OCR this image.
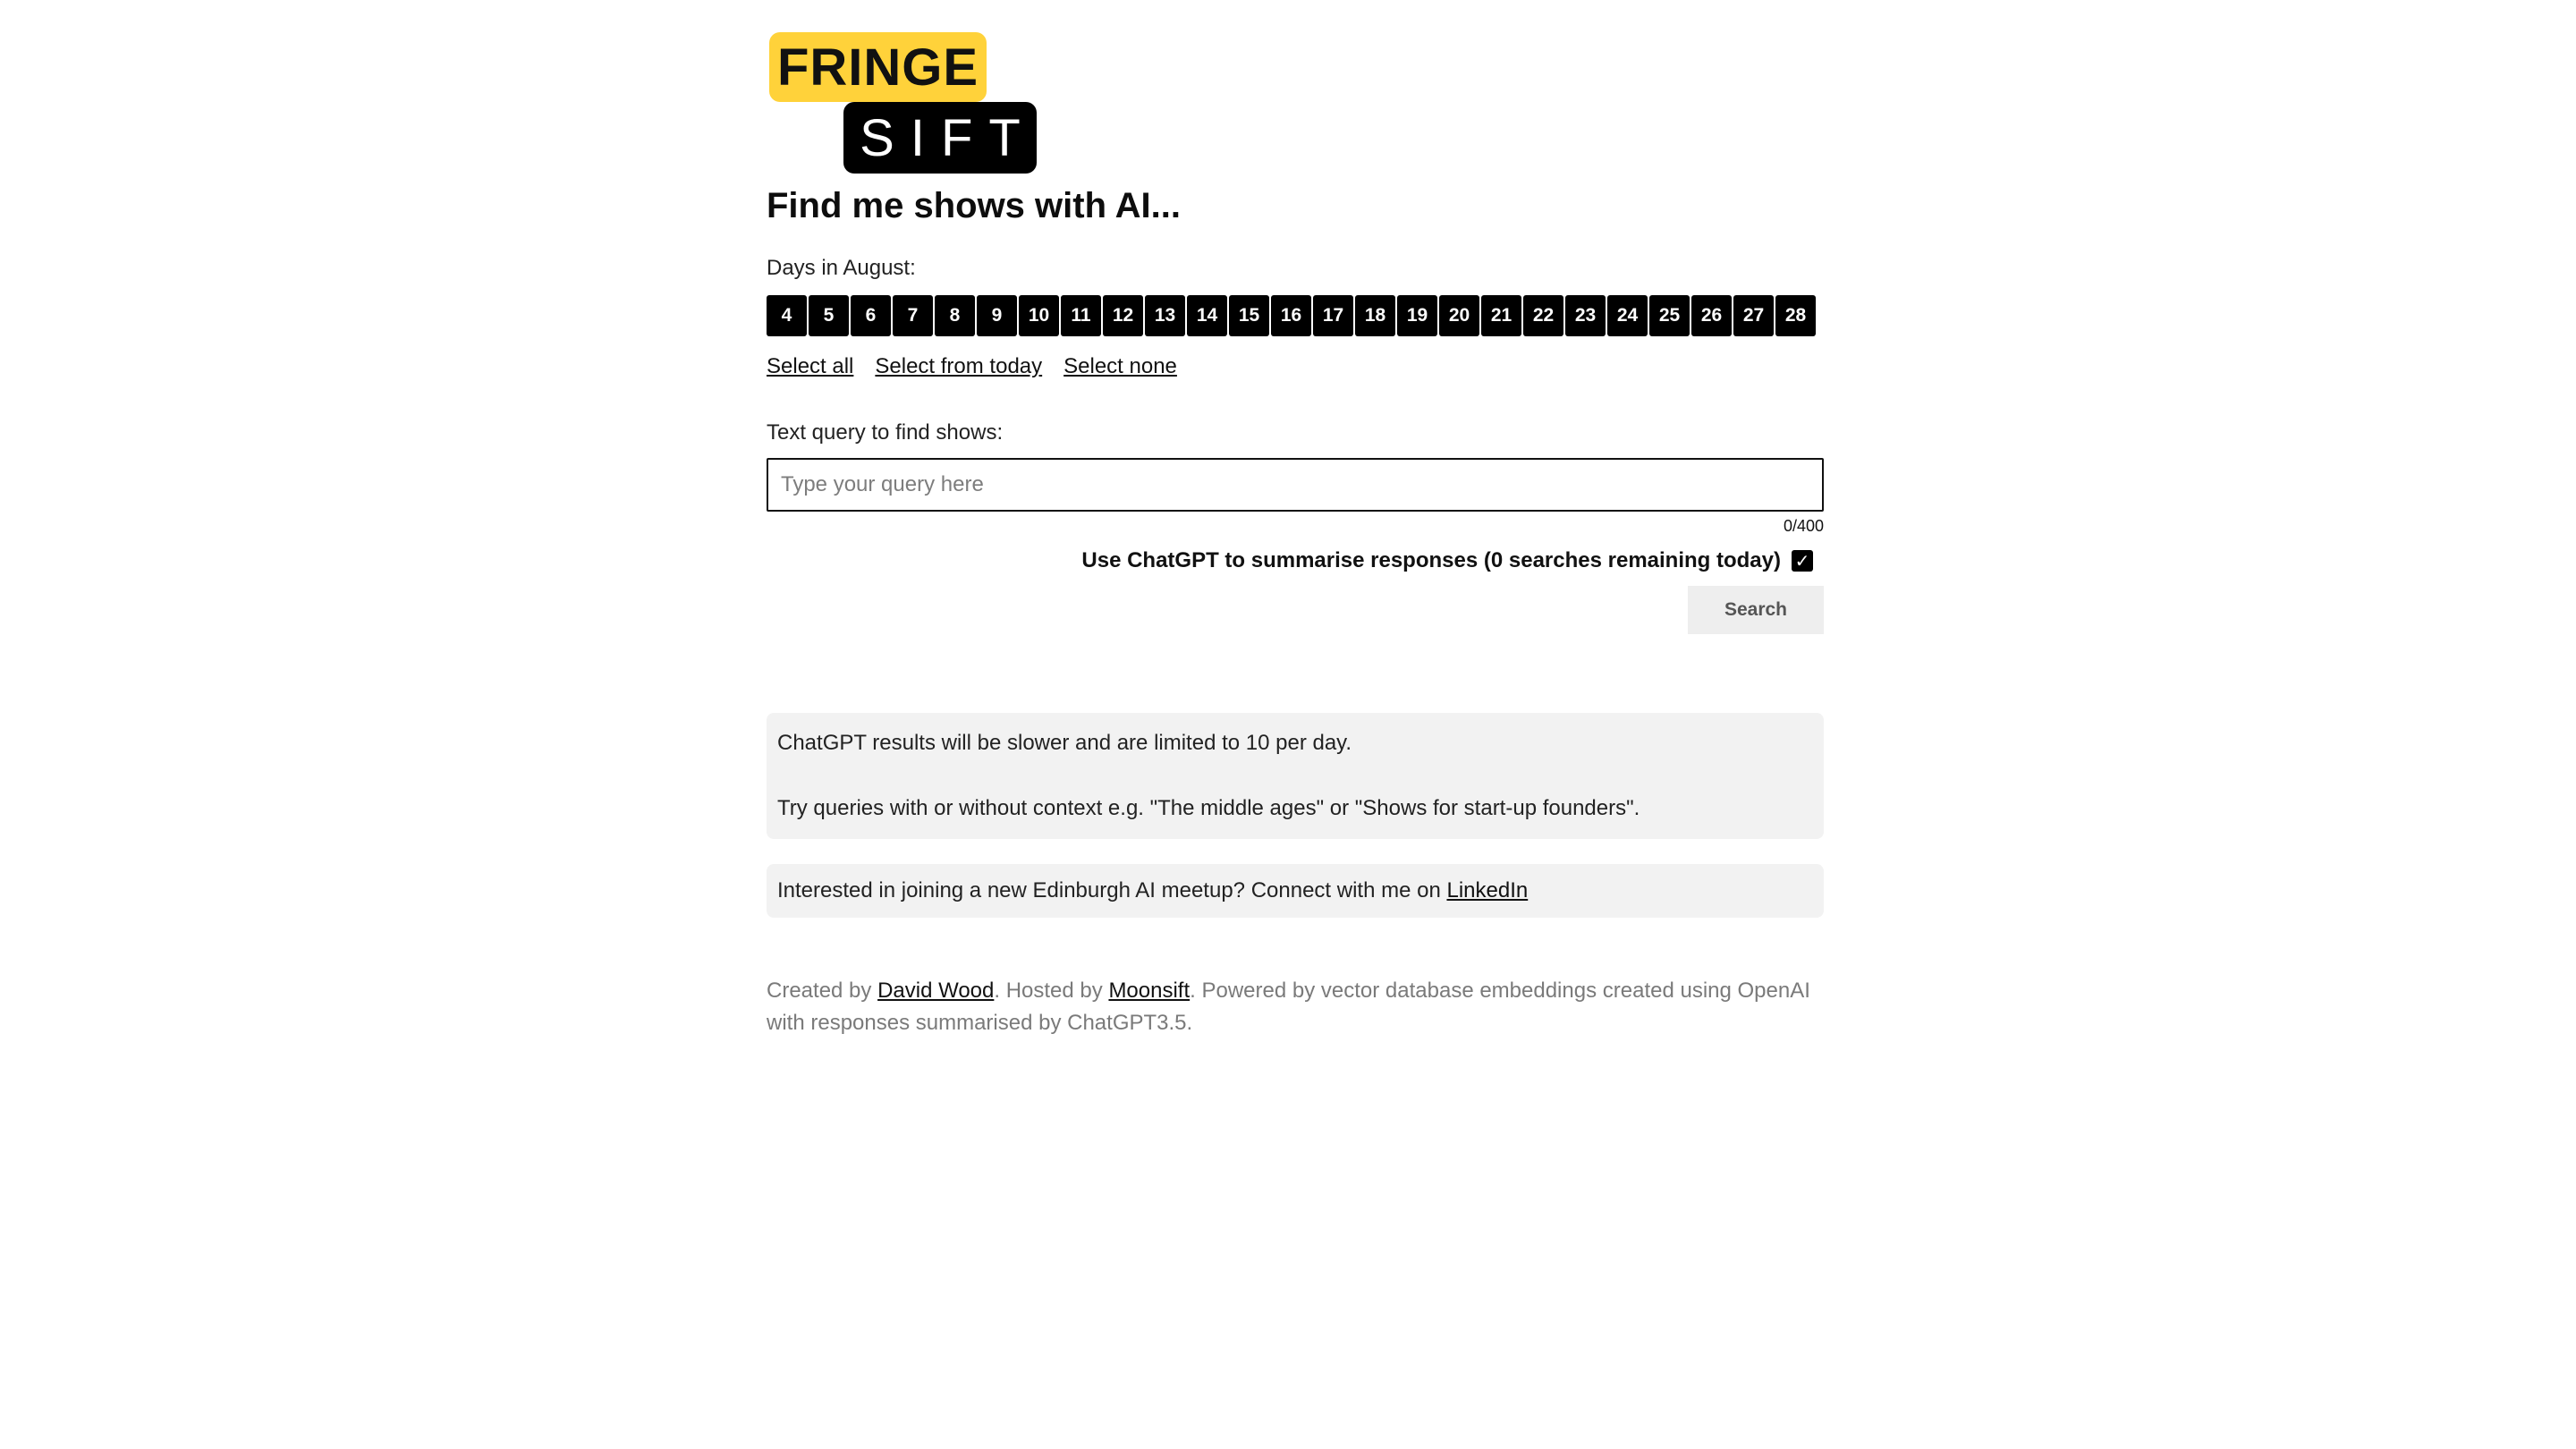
FRINGE
SIFT
Find me shows with AI...
Days in August:
4	5	6	7	8	9	10	11	12	13	14	15	16	17	18	19	20	21	22	23	24	25	26	27	28
Select all Select from today Select none
Text query to find shows:
Type your query here
0/400
Use ChatGPT to summarise responses (0 searches remaining today) ✓
Search

ChatGPT results will be slower and are limited to 10 per day.

Try queries with or without context e.g. "The middle ages" or "Shows for start-up founders".

Interested in joining a new Edinburgh AI meetup? Connect with me on LinkedIn
Created by David Wood. Hosted by Moonsift. Powered by vector database embeddings created using OpenAI with responses summarised by ChatGPT3.5.
